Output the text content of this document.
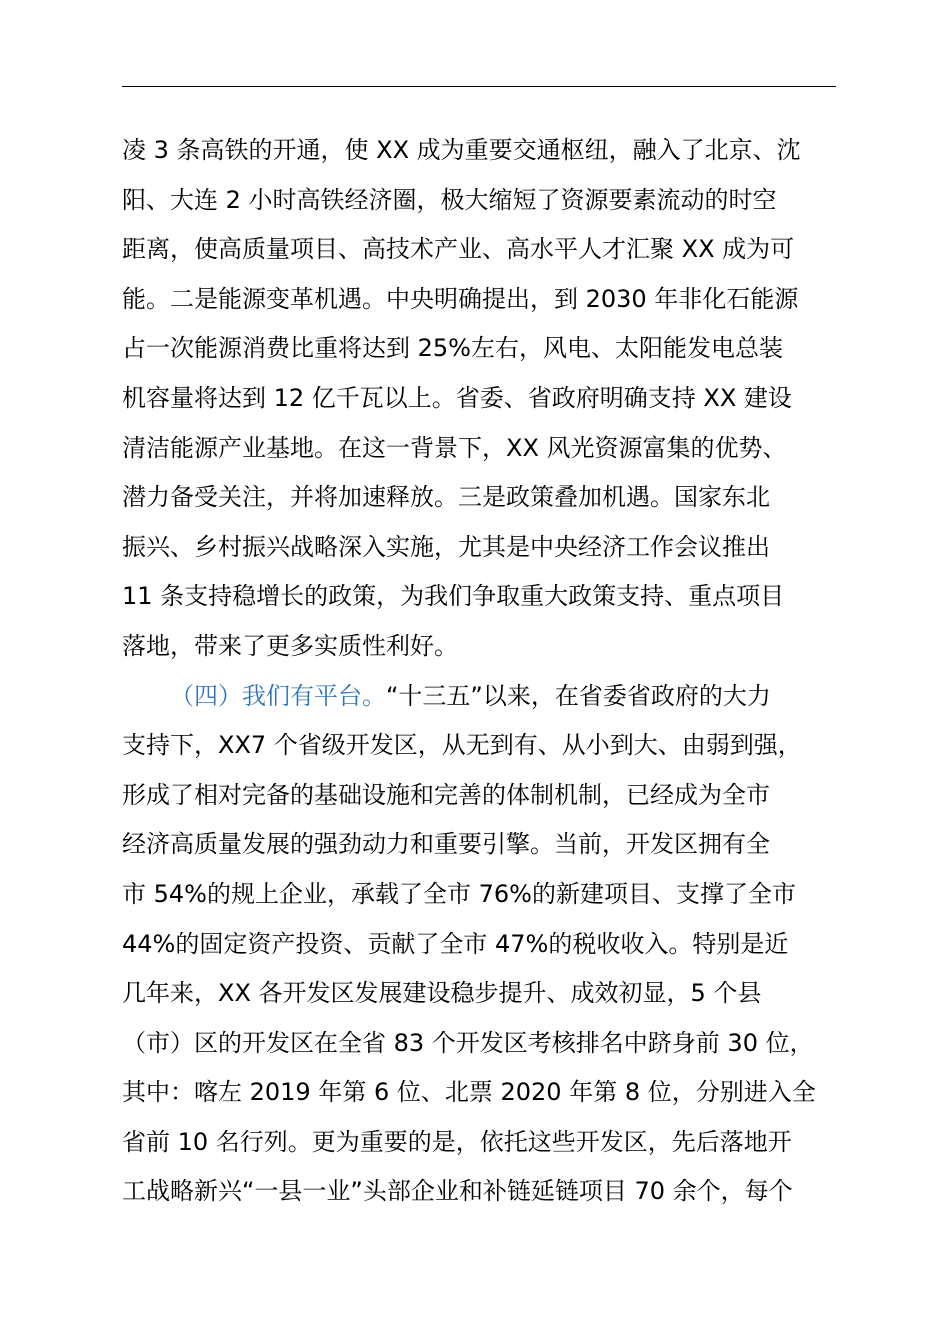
凌 3 条高铁的开通，使 XX 成为重要交通枢纽，融入了北京、沈
阳、大连 2 小时高铁经济圈，极大缩短了资源要素流动的时空
距离，使高质量项目、高技术产业、高水平人才汇聚 XX 成为可
能。二是能源变革机遇。中央明确提出，到 2030 年非化石能源
占一次能源消费比重将达到 25%左右，风电、太阳能发电总装
机容量将达到 12 亿千瓦以上。省委、省政府明确支持 XX 建设
清洁能源产业基地。在这一背景下，XX 风光资源富集的优势、
潜力备受关注，并将加速释放。三是政策叠加机遇。国家东北
振兴、乡村振兴战略深入实施，尤其是中央经济工作会议推出
11 条支持稳增长的政策，为我们争取重大政策支持、重点项目
落地，带来了更多实质性利好。
（四）我们有平台。“十三五”以来，在省委省政府的大力
支持下，XX7 个省级开发区，从无到有、从小到大、由弱到强，
形成了相对完备的基础设施和完善的体制机制，已经成为全市
经济高质量发展的强劲动力和重要引擎。当前，开发区拥有全
市 54%的规上企业，承载了全市 76%的新建项目、支撑了全市
44%的固定资产投资、贡献了全市 47%的税收收入。特别是近
几年来，XX 各开发区发展建设稳步提升、成效初显，5 个县
（市）区的开发区在全省 83 个开发区考核排名中跻身前 30 位，
其中：喀左 2019 年第 6 位、北票 2020 年第 8 位，分别进入全
省前 10 名行列。更为重要的是，依托这些开发区，先后落地开
工战略新兴“一县一业”头部企业和补链延链项目 70 余个，每个
